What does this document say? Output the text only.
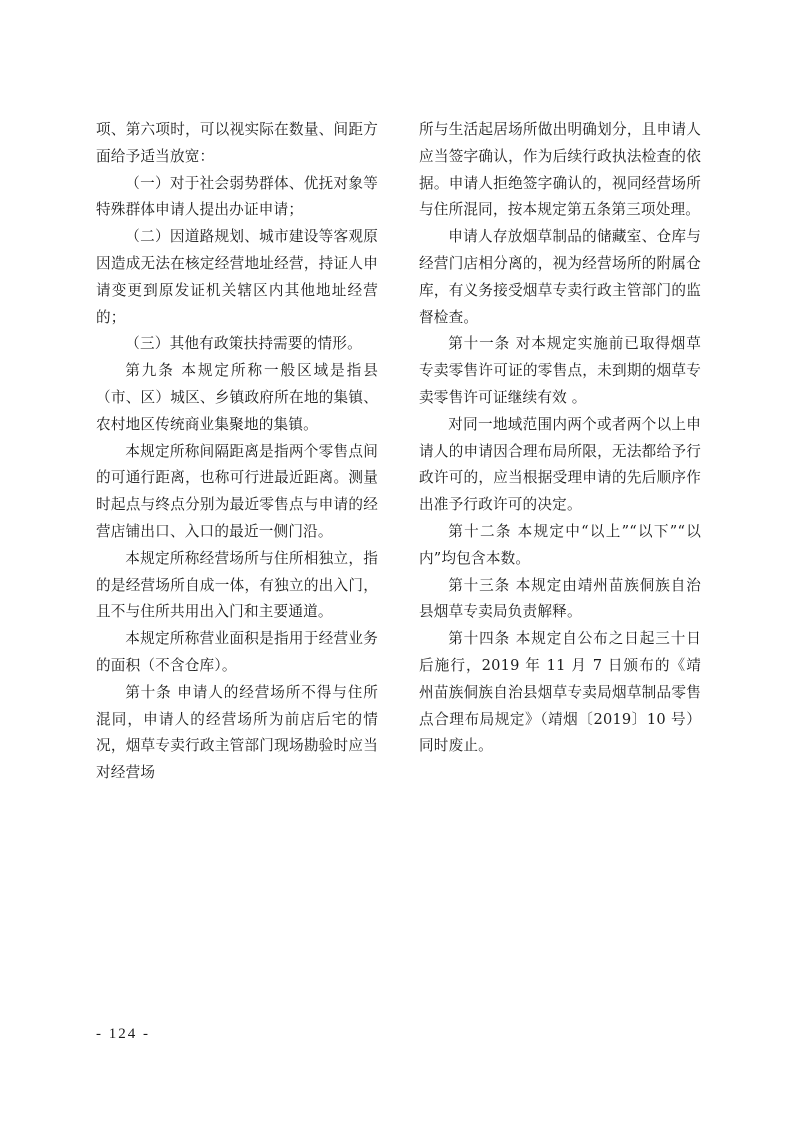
项、第六项时，可以视实际在数量、间距方面给予适当放宽：

（一）对于社会弱势群体、优抚对象等特殊群体申请人提出办证申请；

（二）因道路规划、城市建设等客观原因造成无法在核定经营地址经营，持证人申请变更到原发证机关辖区内其他地址经营的；

（三）其他有政策扶持需要的情形。

第九条 本规定所称一般区域是指县（市、区）城区、乡镇政府所在地的集镇、农村地区传统商业集聚地的集镇。

本规定所称间隔距离是指两个零售点间的可通行距离，也称可行进最近距离。测量时起点与终点分别为最近零售点与申请的经营店铺出口、入口的最近一侧门沿。

本规定所称经营场所与住所相独立，指的是经营场所自成一体，有独立的出入门，且不与住所共用出入门和主要通道。

本规定所称营业面积是指用于经营业务的面积（不含仓库）。

第十条 申请人的经营场所不得与住所混同，申请人的经营场所为前店后宅的情况，烟草专卖行政主管部门现场勘验时应当对经营场

所与生活起居场所做出明确划分，且申请人应当签字确认，作为后续行政执法检查的依据。申请人拒绝签字确认的，视同经营场所与住所混同，按本规定第五条第三项处理。

申请人存放烟草制品的储藏室、仓库与经营门店相分离的，视为经营场所的附属仓库，有义务接受烟草专卖行政主管部门的监督检查。

第十一条 对本规定实施前已取得烟草专卖零售许可证的零售点，未到期的烟草专卖零售许可证继续有效 。

对同一地域范围内两个或者两个以上申请人的申请因合理布局所限，无法都给予行政许可的，应当根据受理申请的先后顺序作出准予行政许可的决定。

第十二条 本规定中“以上”“以下”“以内”均包含本数。

第十三条 本规定由靖州苗族侗族自治县烟草专卖局负责解释。

第十四条 本规定自公布之日起三十日后施行，2019 年 11 月 7 日颁布的《靖州苗族侗族自治县烟草专卖局烟草制品零售点合理布局规定》（靖烟〔2019〕10 号）同时废止。

- 124 -
